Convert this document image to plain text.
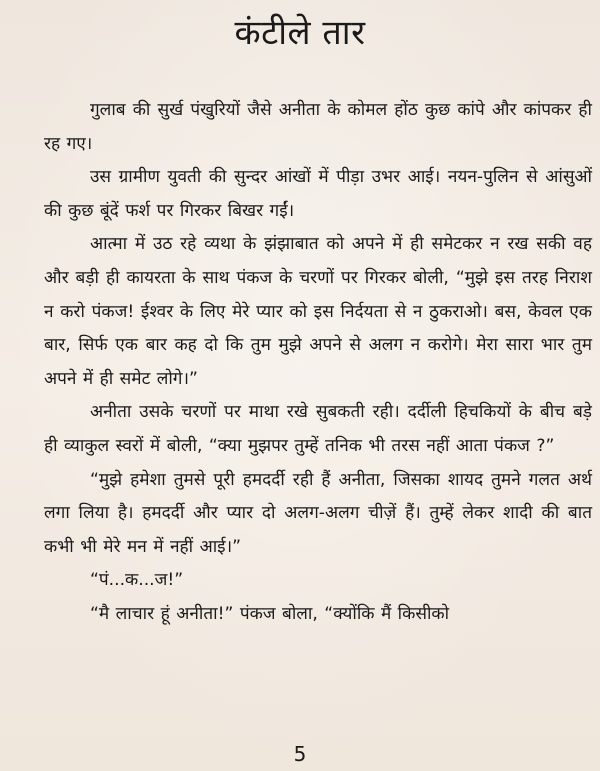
कंटीले तार

गुलाब की सुर्ख पंखुरियों जैसे अनीता के कोमल होंठ कुछ कांपे और कांपकर ही रह गए।

उस ग्रामीण युवती की सुन्दर आंखों में पीड़ा उभर आई। नयन-पुलिन से आंसुओं की कुछ बूंदें फर्श पर गिरकर बिखर गईं।

आत्मा में उठ रहे व्यथा के झंझाबात को अपने में ही समेटकर न रख सकी वह और बड़ी ही कायरता के साथ पंकज के चरणों पर गिरकर बोली, “मुझे इस तरह निराश न करो पंकज! ईश्वर के लिए मेरे प्यार को इस निर्दयता से न ठुकराओ। बस, केवल एक बार, सिर्फ एक बार कह दो कि तुम मुझे अपने से अलग न करोगे। मेरा सारा भार तुम अपने में ही समेट लोगे।”

अनीता उसके चरणों पर माथा रखे सुबकती रही। दर्दीली हिचकियों के बीच बड़े ही व्याकुल स्वरों में बोली, “क्या मुझपर तुम्हें तनिक भी तरस नहीं आता पंकज ?”

“मुझे हमेशा तुमसे पूरी हमदर्दी रही हैं अनीता, जिसका शायद तुमने गलत अर्थ लगा लिया है। हमदर्दी और प्यार दो अलग-अलग चीज़ें हैं। तुम्हें लेकर शादी की बात कभी भी मेरे मन में नहीं आई।”

“पं...क...ज!”

“मै लाचार हूं अनीता!” पंकज बोला, “क्योंकि मैं किसीको

5
